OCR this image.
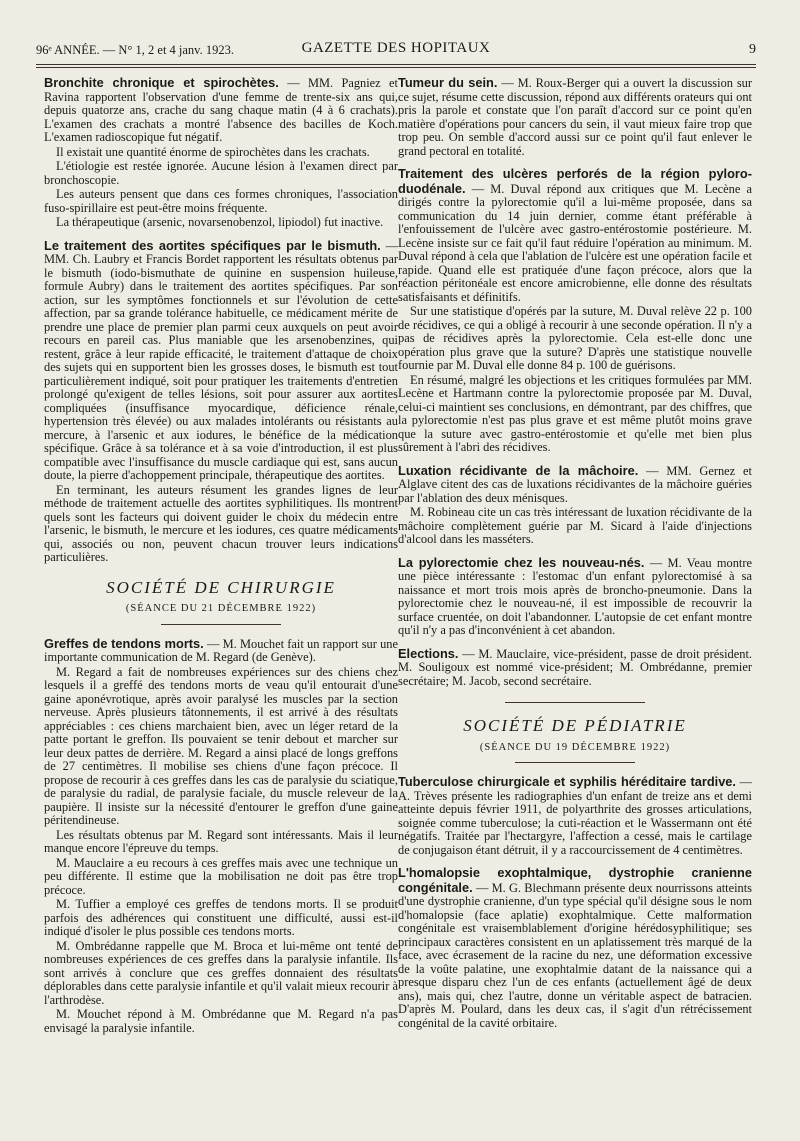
96ᵉ ANNÉE. — N° 1, 2 et 4 janv. 1923.	GAZETTE DES HOPITAUX	9

Bronchite chronique et spirochètes. — MM. Pagniez et Ravina rapportent l'observation d'une femme de trente-six ans qui, depuis quatorze ans, crache du sang chaque matin (4 à 6 crachats). L'examen des crachats a montré l'absence des bacilles de Koch. L'examen radioscopique fut négatif.

Il existait une quantité énorme de spirochètes dans les crachats.

L'étiologie est restée ignorée. Aucune lésion à l'examen direct par bronchoscopie.

Les auteurs pensent que dans ces formes chroniques, l'association fuso-spirillaire est peut-être moins fréquente.

La thérapeutique (arsenic, novarsenobenzol, lipiodol) fut inactive.

Le traitement des aortites spécifiques par le bismuth. — MM. Ch. Laubry et Francis Bordet rapportent les résultats obtenus par le bismuth (iodo-bismuthate de quinine en suspension huileuse, formule Aubry) dans le traitement des aortites spécifiques. Par son action, sur les symptômes fonctionnels et sur l'évolution de cette affection, par sa grande tolérance habituelle, ce médicament mérite de prendre une place de premier plan parmi ceux auxquels on peut avoir recours en pareil cas. Plus maniable que les arsenobenzines, qui restent, grâce à leur rapide efficacité, le traitement d'attaque de choix des sujets qui en supportent bien les grosses doses, le bismuth est tout particulièrement indiqué, soit pour pratiquer les traitements d'entretien prolongé qu'exigent de telles lésions, soit pour assurer aux aortites compliquées (insuffisance myocardique, déficience rénale, hypertension très élevée) ou aux malades intolérants ou résistants au mercure, à l'arsenic et aux iodures, le bénéfice de la médication spécifique. Grâce à sa tolérance et à sa voie d'introduction, il est plus compatible avec l'insuffisance du muscle cardiaque qui est, sans aucun doute, la pierre d'achoppement principale, thérapeutique des aortites.

En terminant, les auteurs résument les grandes lignes de leur méthode de traitement actuelle des aortites syphilitiques. Ils montrent quels sont les facteurs qui doivent guider le choix du médecin entre l'arsenic, le bismuth, le mercure et les iodures, ces quatre médicaments qui, associés ou non, peuvent chacun trouver leurs indications particulières.

SOCIÉTÉ DE CHIRURGIE
(SÉANCE DU 21 DÉCEMBRE 1922)

Greffes de tendons morts. — M. Mouchet fait un rapport sur une importante communication de M. Regard (de Genève).

M. Regard a fait de nombreuses expériences sur des chiens chez lesquels il a greffé des tendons morts de veau qu'il entourait d'une gaine aponévrotique, après avoir paralysé les muscles par la section nerveuse. Après plusieurs tâtonnements, il est arrivé à des résultats appréciables : ces chiens marchaient bien, avec un léger retard de la patte portant le greffon. Ils pouvaient se tenir debout et marcher sur leur deux pattes de derrière. M. Regard a ainsi placé de longs greffons de 27 centimètres. Il mobilise ses chiens d'une façon précoce. Il propose de recourir à ces greffes dans les cas de paralysie du sciatique, de paralysie du radial, de paralysie faciale, du muscle releveur de la paupière. Il insiste sur la nécessité d'entourer le greffon d'une gaine péritendineuse.

Les résultats obtenus par M. Regard sont intéressants. Mais il leur manque encore l'épreuve du temps.

M. Mauclaire a eu recours à ces greffes mais avec une technique un peu différente. Il estime que la mobilisation ne doit pas être trop précoce.

M. Tuffier a employé ces greffes de tendons morts. Il se produit parfois des adhérences qui constituent une difficulté, aussi est-il indiqué d'isoler le plus possible ces tendons morts.

M. Ombrédanne rappelle que M. Broca et lui-même ont tenté de nombreuses expériences de ces greffes dans la paralysie infantile. Ils sont arrivés à conclure que ces greffes donnaient des résultats déplorables dans cette paralysie infantile et qu'il valait mieux recourir à l'arthrodèse.

M. Mouchet répond à M. Ombrédanne que M. Regard n'a pas envisagé la paralysie infantile.

Tumeur du sein. — M. Roux-Berger qui a ouvert la discussion sur ce sujet, résume cette discussion, répond aux différents orateurs qui ont pris la parole et constate que l'on paraît d'accord sur ce point qu'en matière d'opérations pour cancers du sein, il vaut mieux faire trop que trop peu. On semble d'accord aussi sur ce point qu'il faut enlever le grand pectoral en totalité.

Traitement des ulcères perforés de la région pyloro-duodénale. — M. Duval répond aux critiques que M. Lecène a dirigés contre la pylorectomie qu'il a lui-même proposée, dans sa communication du 14 juin dernier, comme étant préférable à l'enfouissement de l'ulcère avec gastro-entérostomie postérieure. M. Lecène insiste sur ce fait qu'il faut réduire l'opération au minimum. M. Duval répond à cela que l'ablation de l'ulcère est une opération facile et rapide. Quand elle est pratiquée d'une façon précoce, alors que la réaction péritonéale est encore amicrobienne, elle donne des résultats satisfaisants et définitifs.

Sur une statistique d'opérés par la suture, M. Duval relève 22 p. 100 de récidives, ce qui a obligé à recourir à une seconde opération. Il n'y a pas de récidives après la pylorectomie. Cela est-elle donc une opération plus grave que la suture? D'après une statistique nouvelle fournie par M. Duval elle donne 84 p. 100 de guérisons.

En résumé, malgré les objections et les critiques formulées par MM. Lecène et Hartmann contre la pylorectomie proposée par M. Duval, celui-ci maintient ses conclusions, en démontrant, par des chiffres, que la pylorectomie n'est pas plus grave et est même plutôt moins grave que la suture avec gastro-entérostomie et qu'elle met bien plus sûrement à l'abri des récidives.

Luxation récidivante de la mâchoire. — MM. Gernez et Alglave citent des cas de luxations récidivantes de la mâchoire guéries par l'ablation des deux ménisques.

M. Robineau cite un cas très intéressant de luxation récidivante de la mâchoire complètement guérie par M. Sicard à l'aide d'injections d'alcool dans les masséters.

La pylorectomie chez les nouveau-nés. — M. Veau montre une pièce intéressante : l'estomac d'un enfant pylorectomisé à sa naissance et mort trois mois après de broncho-pneumonie. Dans la pylorectomie chez le nouveau-né, il est impossible de recouvrir la surface cruentée, on doit l'abandonner. L'autopsie de cet enfant montre qu'il n'y a pas d'inconvénient à cet abandon.

Elections. — M. Mauclaire, vice-président, passe de droit président. M. Souligoux est nommé vice-président; M. Ombrédanne, premier secrétaire; M. Jacob, second secrétaire.

SOCIÉTÉ DE PÉDIATRIE
(SÉANCE DU 19 DÉCEMBRE 1922)

Tuberculose chirurgicale et syphilis héréditaire tardive. — A. Trèves présente les radiographies d'un enfant de treize ans et demi atteinte depuis février 1911, de polyarthrite des grosses articulations, soignée comme tuberculose; la cuti-réaction et le Wassermann ont été négatifs. Traitée par l'hectargyre, l'affection a cessé, mais le cartilage de conjugaison étant détruit, il y a raccourcissement de 4 centimètres.

L'homalopsie exophtalmique, dystrophie cranienne congénitale. — M. G. Blechmann présente deux nourrissons atteints d'une dystrophie cranienne, d'un type spécial qu'il désigne sous le nom d'homalopsie (face aplatie) exophtalmique. Cette malformation congénitale est vraisemblablement d'origine hérédosyphilitique; ses principaux caractères consistent en un aplatissement très marqué de la face, avec écrasement de la racine du nez, une déformation excessive de la voûte palatine, une exophtalmie datant de la naissance qui a presque disparu chez l'un de ces enfants (actuellement âgé de deux ans), mais qui, chez l'autre, donne un véritable aspect de batracien. D'après M. Poulard, dans les deux cas, il s'agit d'un rétrécissement congénital de la cavité orbitaire.
